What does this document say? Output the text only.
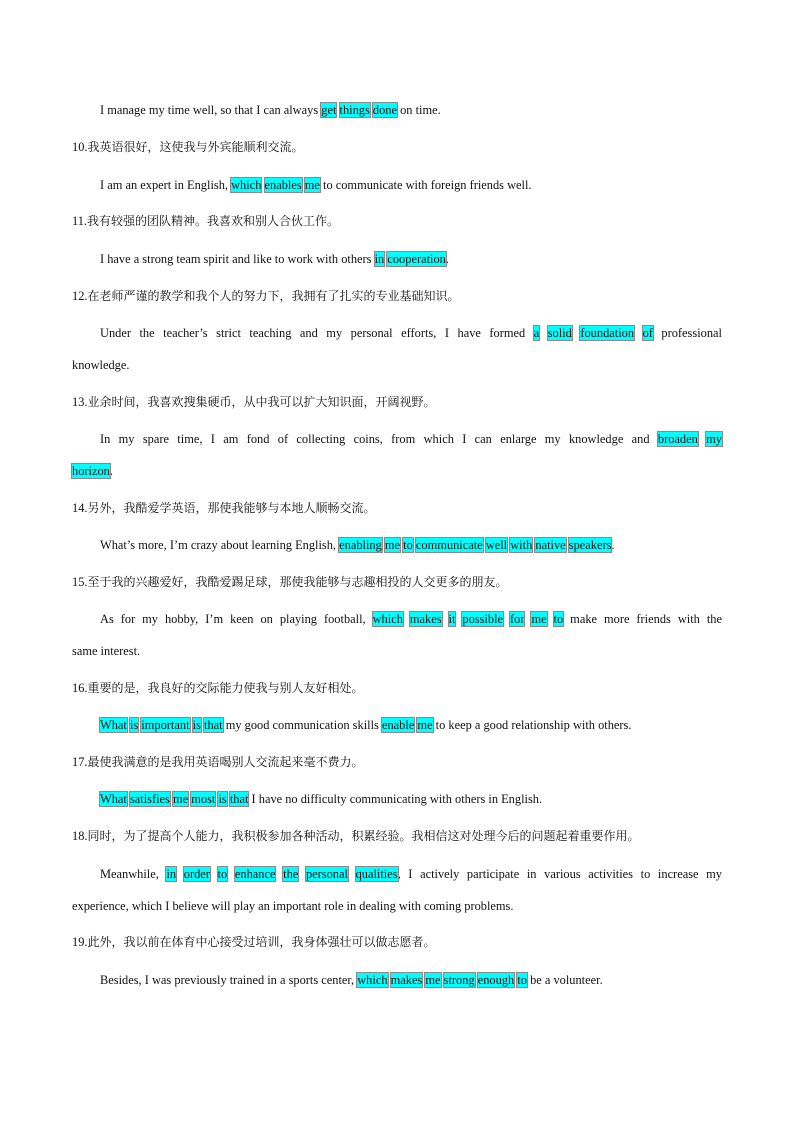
I manage my time well, so that I can always get things done on time.
10.我英语很好，这使我与外宾能顺利交流。
I am an expert in English, which enables me to communicate with foreign friends well.
11.我有较强的团队精神。我喜欢和别人合伙工作。
I have a strong team spirit and like to work with others in cooperation.
12.在老师严谨的教学和我个人的努力下，我拥有了扎实的专业基础知识。
Under the teacher’s strict teaching and my personal efforts, I have formed a solid foundation of professional
knowledge.
13.业余时间，我喜欢搜集硬币，从中我可以扩大知识面，开阔视野。
In my spare time, I am fond of collecting coins, from which I can enlarge my knowledge and broaden my
horizon.
14.另外，我酷爱学英语，那使我能够与本地人顺畅交流。
What’s more, I’m crazy about learning English, enabling me to communicate well with native speakers.
15.至于我的兴趣爱好，我酷爱踢足球，那使我能够与志趣相投的人交更多的朋友。
As for my hobby, I’m keen on playing football, which makes it possible for me to make more friends with the
same interest.
16.重要的是，我良好的交际能力使我与别人友好相处。
What is important is that my good communication skills enable me to keep a good relationship with others.
17.最使我满意的是我用英语喝别人交流起来毫不费力。
What satisfies me most is that I have no difficulty communicating with others in English.
18.同时，为了提高个人能力，我积极参加各种活动，积累经验。我相信这对处理今后的问题起着重要作用。
Meanwhile, in order to enhance the personal qualities, I actively participate in various activities to increase my
experience, which I believe will play an important role in dealing with coming problems.
19.此外，我以前在体育中心接受过培训，我身体强壮可以做志愿者。
Besides, I was previously trained in a sports center, which makes me strong enough to be a volunteer.
